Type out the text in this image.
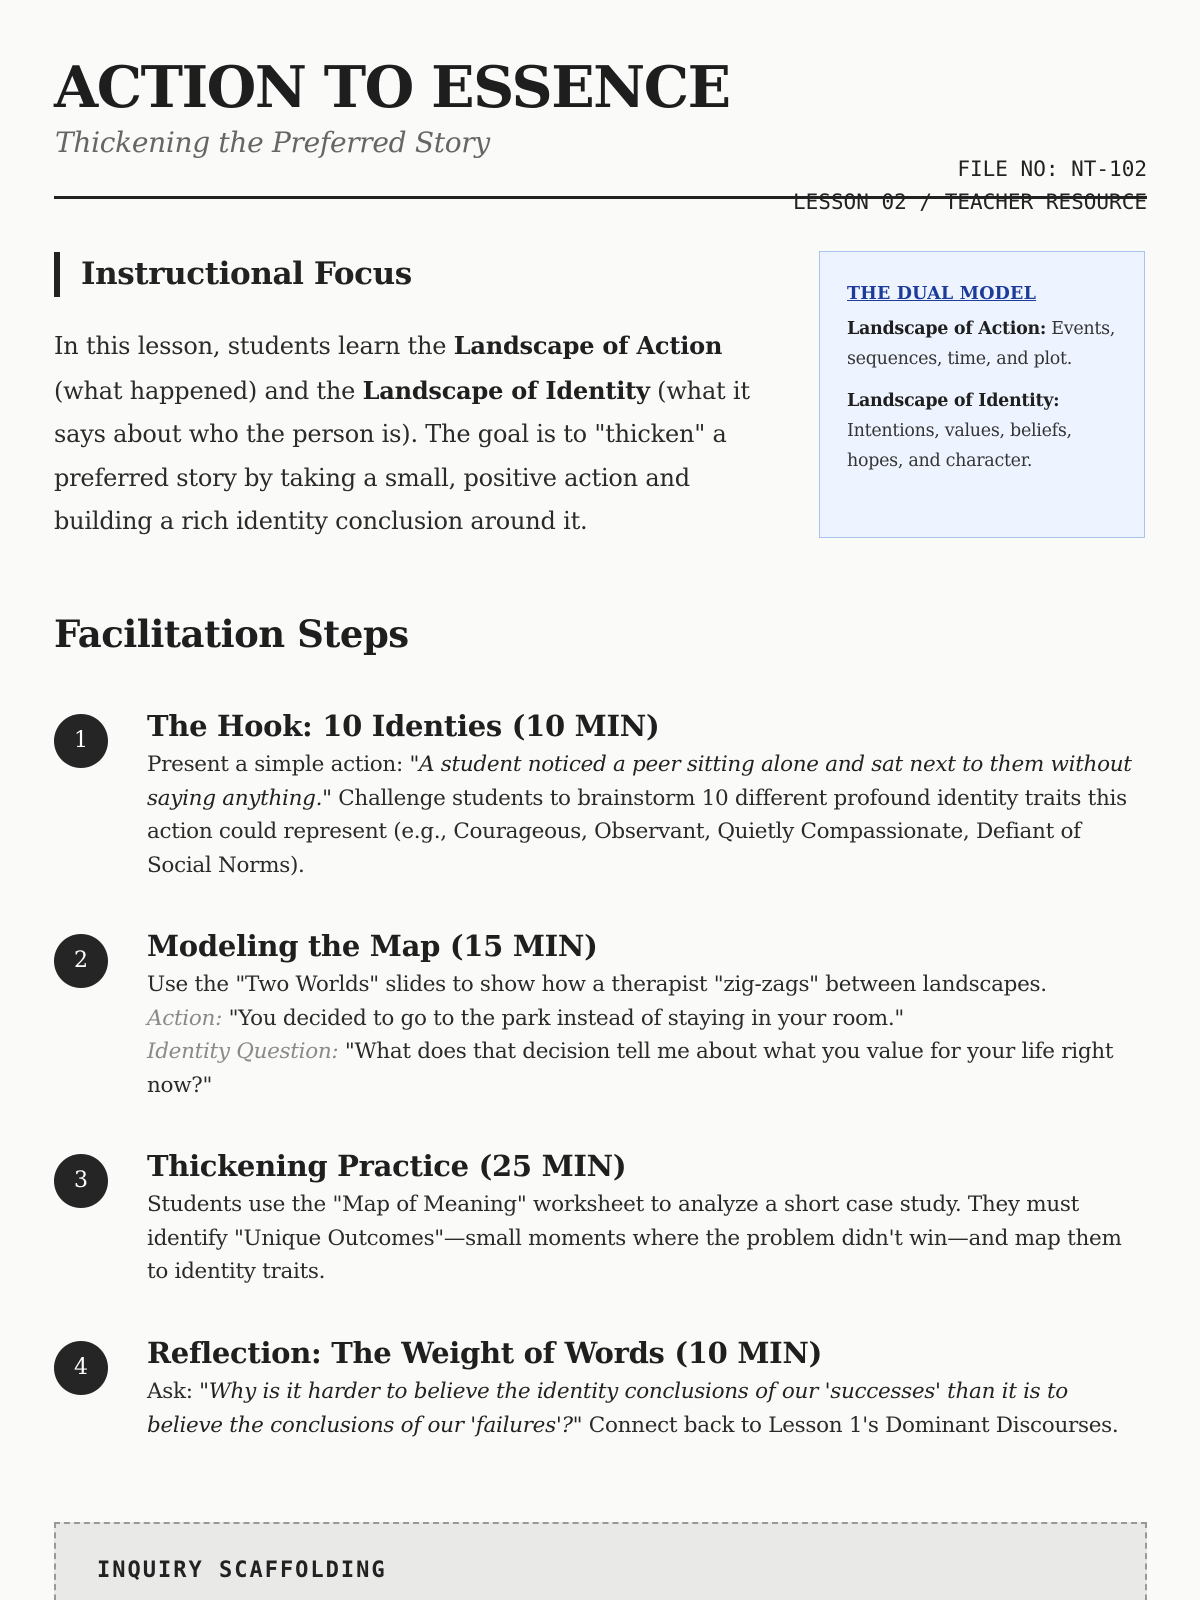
ACTION TO ESSENCE
Thickening the Preferred Story
FILE NO: NT-102
LESSON 02 / TEACHER RESOURCE
Instructional Focus

In this lesson, students learn the Landscape of Action (what happened) and the Landscape of Identity (what it says about who the person is). The goal is to "thicken" a preferred story by taking a small, positive action and building a rich identity conclusion around it.

THE DUAL MODEL

Landscape of Action: Events, sequences, time, and plot.

Landscape of Identity: Intentions, values, beliefs, hopes, and character.

Facilitation Steps
1	The Hook: 10 Identies (10 MIN)
Present a simple action: "A student noticed a peer sitting alone and sat next to them without saying anything." Challenge students to brainstorm 10 different profound identity traits this action could represent (e.g., Courageous, Observant, Quietly Compassionate, Defiant of Social Norms).
2	Modeling the Map (15 MIN)
Use the "Two Worlds" slides to show how a therapist "zig-zags" between landscapes.
Action: "You decided to go to the park instead of staying in your room."
Identity Question: "What does that decision tell me about what you value for your life right now?"
3	Thickening Practice (25 MIN)
Students use the "Map of Meaning" worksheet to analyze a short case study. They must identify "Unique Outcomes"—small moments where the problem didn't win—and map them to identity traits.
4	Reflection: The Weight of Words (10 MIN)
Ask: "Why is it harder to believe the identity conclusions of our 'successes' than it is to believe the conclusions of our 'failures'?" Connect back to Lesson 1's Dominant Discourses.
INQUIRY SCAFFOLDING
